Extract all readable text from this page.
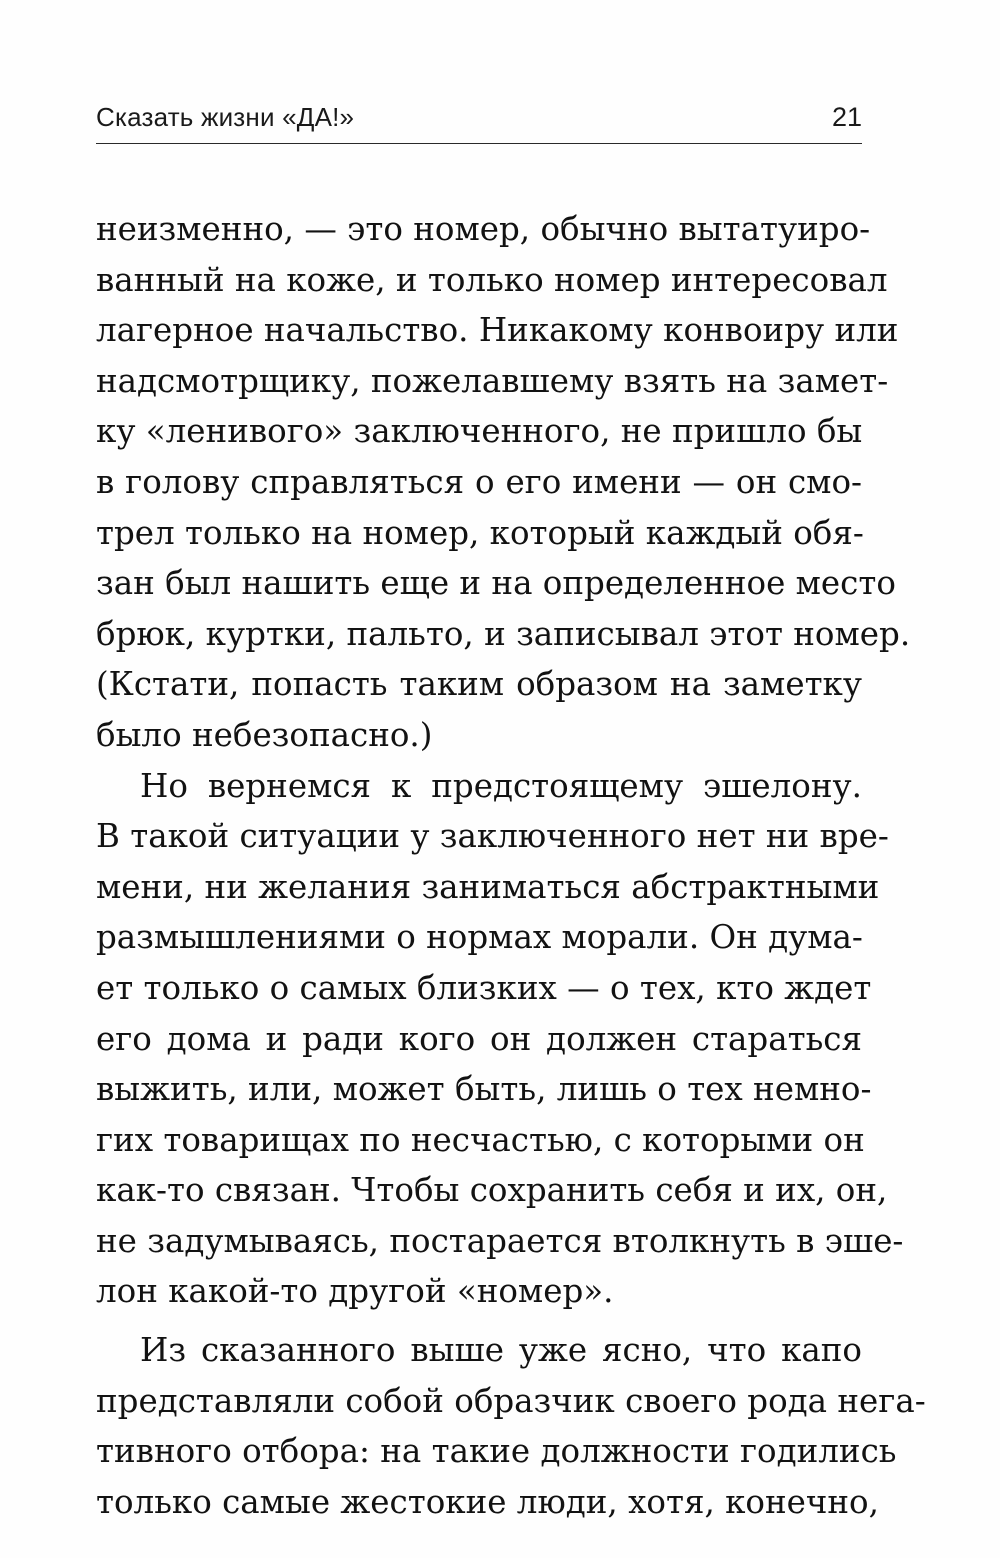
Сказать жизни «ДА!»	21
неизменно, — это номер, обычно вытатуиро-
ванный на коже, и только номер интересовал
лагерное начальство. Никакому конвоиру или
надсмотрщику, пожелавшему взять на замет-
ку «ленивого» заключенного, не пришло бы
в голову справляться о его имени — он смо-
трел только на номер, который каждый обя-
зан был нашить еще и на определенное место
брюк, куртки, пальто, и записывал этот номер.
(Кстати, попасть таким образом на заметку
было небезопасно.)
Но вернемся к предстоящему эшелону.
В такой ситуации у заключенного нет ни вре-
мени, ни желания заниматься абстрактными
размышлениями о нормах морали. Он дума-
ет только о самых близких — о тех, кто ждет
его дома и ради кого он должен стараться
выжить, или, может быть, лишь о тех немно-
гих товарищах по несчастью, с которыми он
как-то связан. Чтобы сохранить себя и их, он,
не задумываясь, постарается втолкнуть в эше-
лон какой-то другой «номер».
Из сказанного выше уже ясно, что капо
представляли собой образчик своего рода нега-
тивного отбора: на такие должности годились
только самые жестокие люди, хотя, конечно,
